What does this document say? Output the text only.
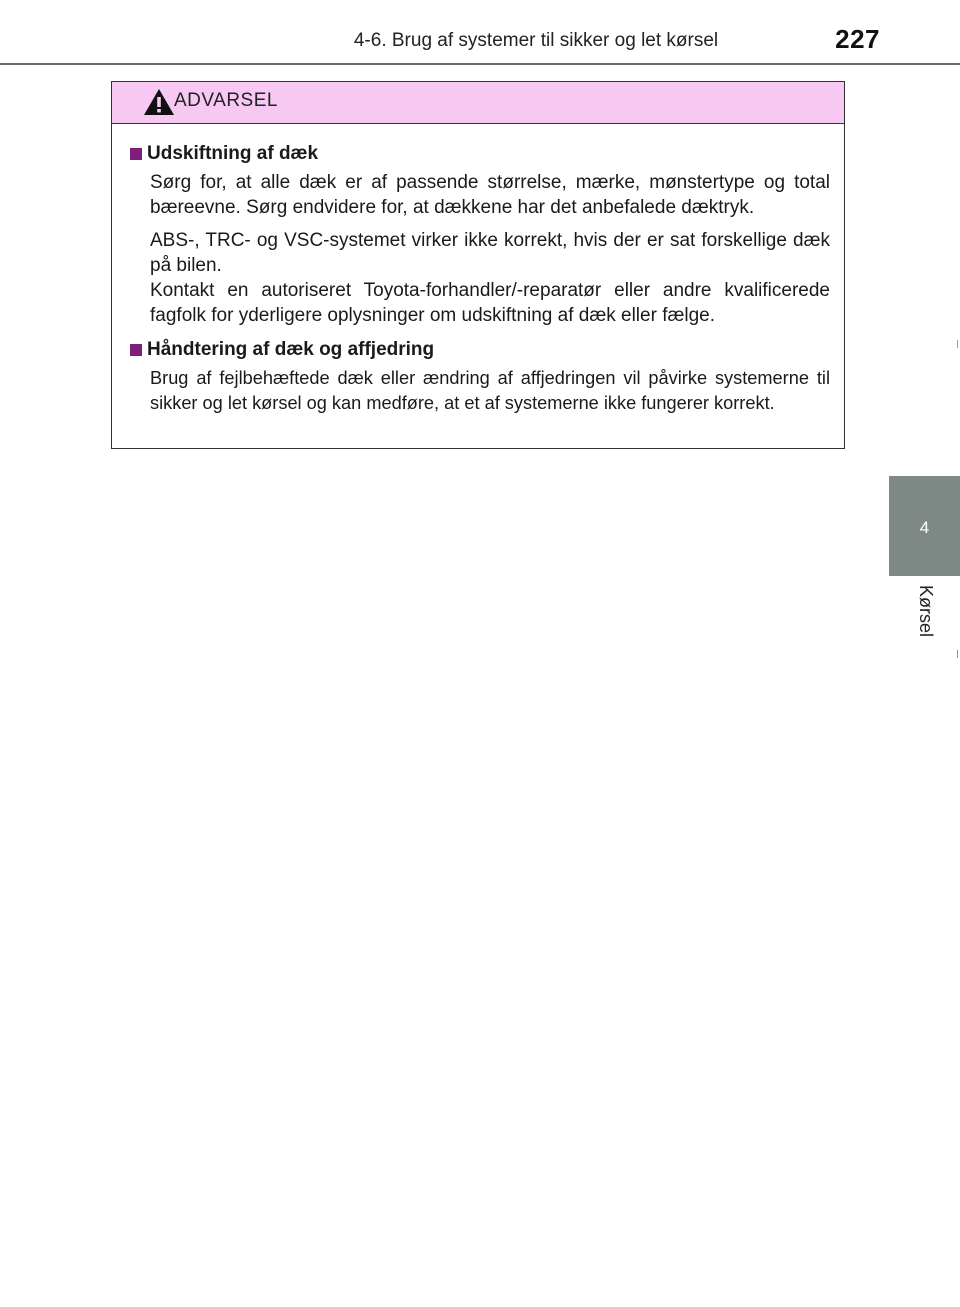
4-6. Brug af systemer til sikker og let kørsel	227
4
Kørsel
ADVARSEL
Udskiftning af dæk

Sørg for, at alle dæk er af passende størrelse, mærke, mønstertype og total bæreevne. Sørg endvidere for, at dækkene har det anbefalede dæktryk.

ABS-, TRC- og VSC-systemet virker ikke korrekt, hvis der er sat forskellige dæk på bilen.

Kontakt en autoriseret Toyota-forhandler/-reparatør eller andre kvalificerede fagfolk for yderligere oplysninger om udskiftning af dæk eller fælge.

Håndtering af dæk og affjedring

Brug af fejlbehæftede dæk eller ændring af affjedringen vil påvirke systemerne til sikker og let kørsel og kan medføre, at et af systemerne ikke fungerer korrekt.
